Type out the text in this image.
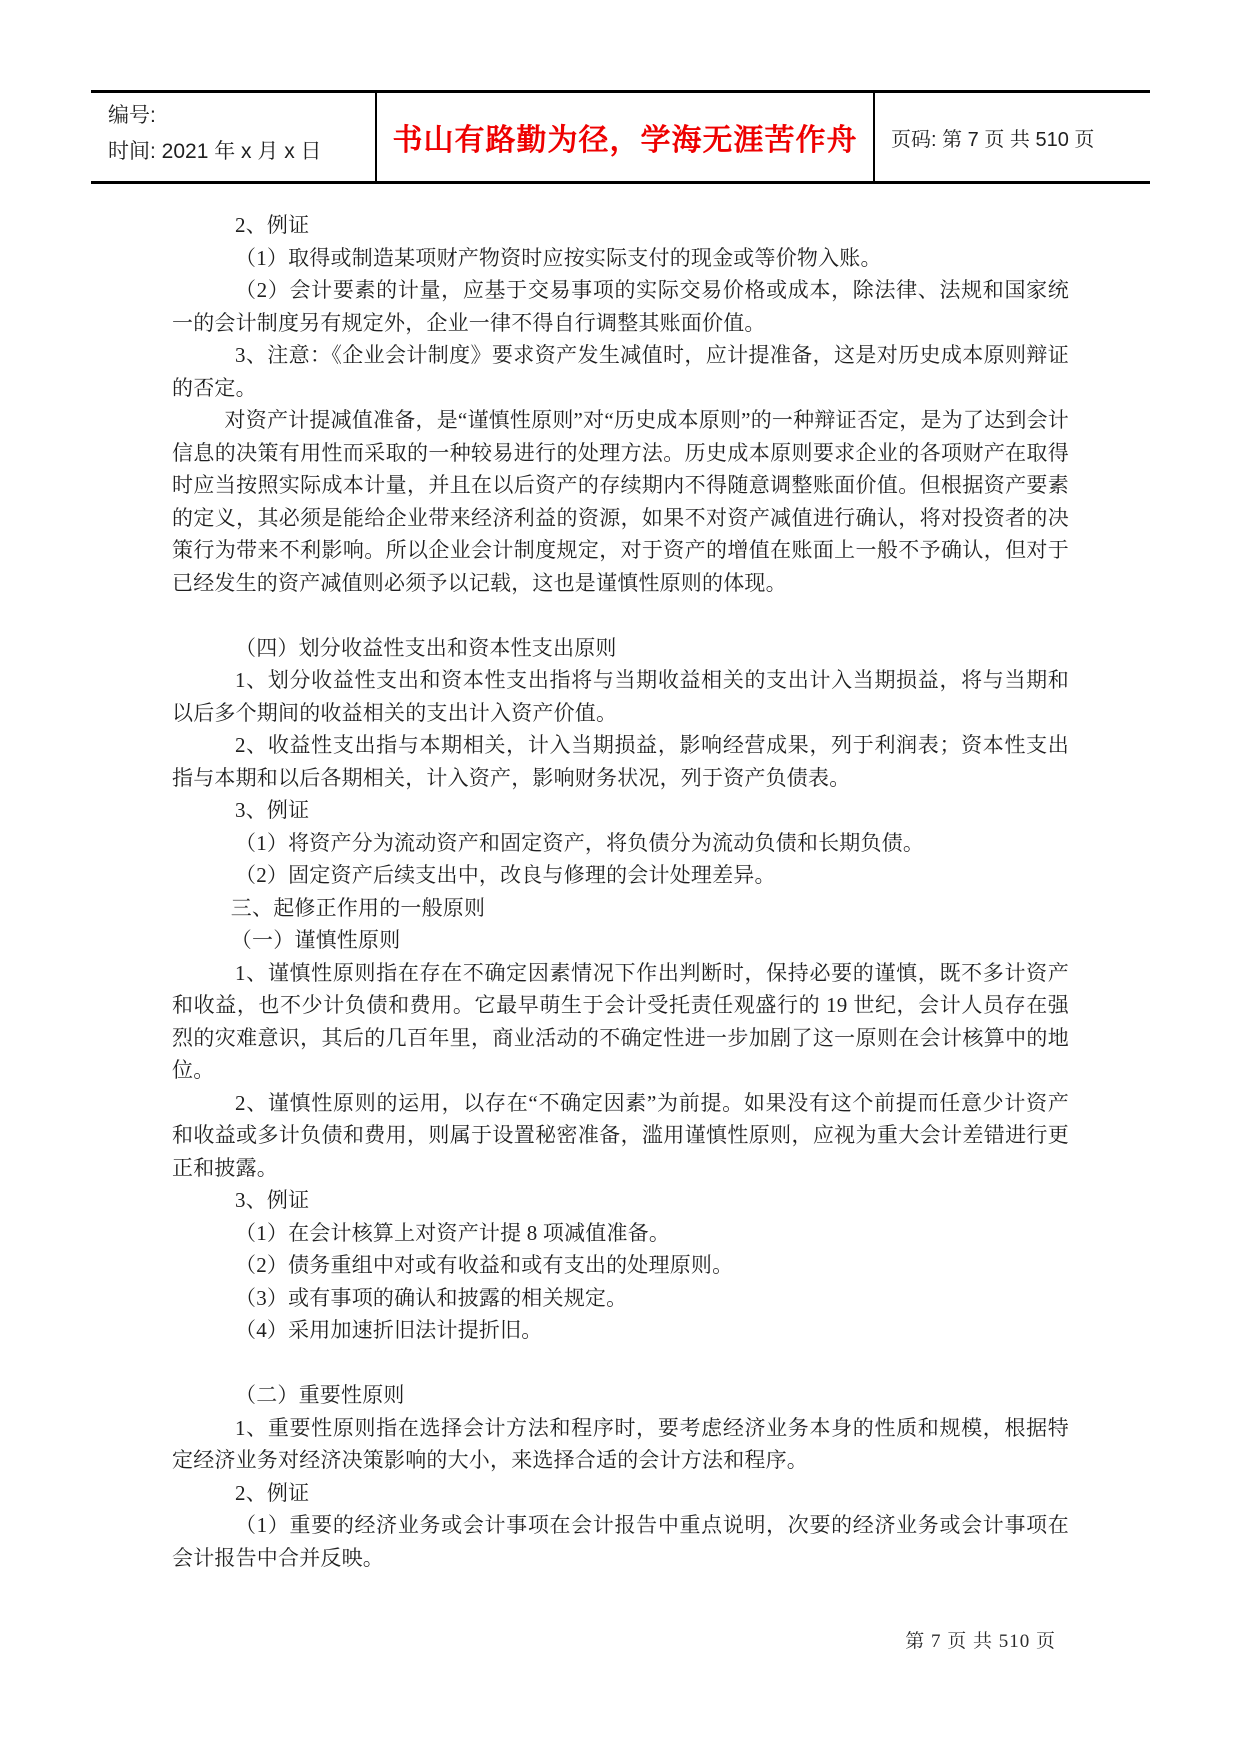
编号:
时间: 2021 年 x 月 x 日	书山有路勤为径，学海无涯苦作舟 页码: 第 7 页 共 510 页

2、例证

（1）取得或制造某项财产物资时应按实际支付的现金或等价物入账。

（2）会计要素的计量，应基于交易事项的实际交易价格或成本，除法律、法规和国家统一的会计制度另有规定外，企业一律不得自行调整其账面价值。

3、注意：《企业会计制度》要求资产发生减值时，应计提准备，这是对历史成本原则辩证的否定。

对资产计提减值准备，是“谨慎性原则”对“历史成本原则”的一种辩证否定，是为了达到会计信息的决策有用性而采取的一种较易进行的处理方法。历史成本原则要求企业的各项财产在取得时应当按照实际成本计量，并且在以后资产的存续期内不得随意调整账面价值。但根据资产要素的定义，其必须是能给企业带来经济利益的资源，如果不对资产减值进行确认，将对投资者的决策行为带来不利影响。所以企业会计制度规定，对于资产的增值在账面上一般不予确认，但对于已经发生的资产减值则必须予以记载，这也是谨慎性原则的体现。

（四）划分收益性支出和资本性支出原则

1、划分收益性支出和资本性支出指将与当期收益相关的支出计入当期损益，将与当期和以后多个期间的收益相关的支出计入资产价值。

2、收益性支出指与本期相关，计入当期损益，影响经营成果，列于利润表；资本性支出指与本期和以后各期相关，计入资产，影响财务状况，列于资产负债表。

3、例证

（1）将资产分为流动资产和固定资产，将负债分为流动负债和长期负债。

（2）固定资产后续支出中，改良与修理的会计处理差异。

三、起修正作用的一般原则

（一）谨慎性原则

1、谨慎性原则指在存在不确定因素情况下作出判断时，保持必要的谨慎，既不多计资产和收益，也不少计负债和费用。它最早萌生于会计受托责任观盛行的 19 世纪，会计人员存在强烈的灾难意识，其后的几百年里，商业活动的不确定性进一步加剧了这一原则在会计核算中的地位。

2、谨慎性原则的运用，以存在“不确定因素”为前提。如果没有这个前提而任意少计资产和收益或多计负债和费用，则属于设置秘密准备，滥用谨慎性原则，应视为重大会计差错进行更正和披露。

3、例证

（1）在会计核算上对资产计提 8 项减值准备。

（2）债务重组中对或有收益和或有支出的处理原则。

（3）或有事项的确认和披露的相关规定。

（4）采用加速折旧法计提折旧。

（二）重要性原则

1、重要性原则指在选择会计方法和程序时，要考虑经济业务本身的性质和规模，根据特定经济业务对经济决策影响的大小，来选择合适的会计方法和程序。

2、例证

（1）重要的经济业务或会计事项在会计报告中重点说明，次要的经济业务或会计事项在会计报告中合并反映。

第 7 页 共 510 页
